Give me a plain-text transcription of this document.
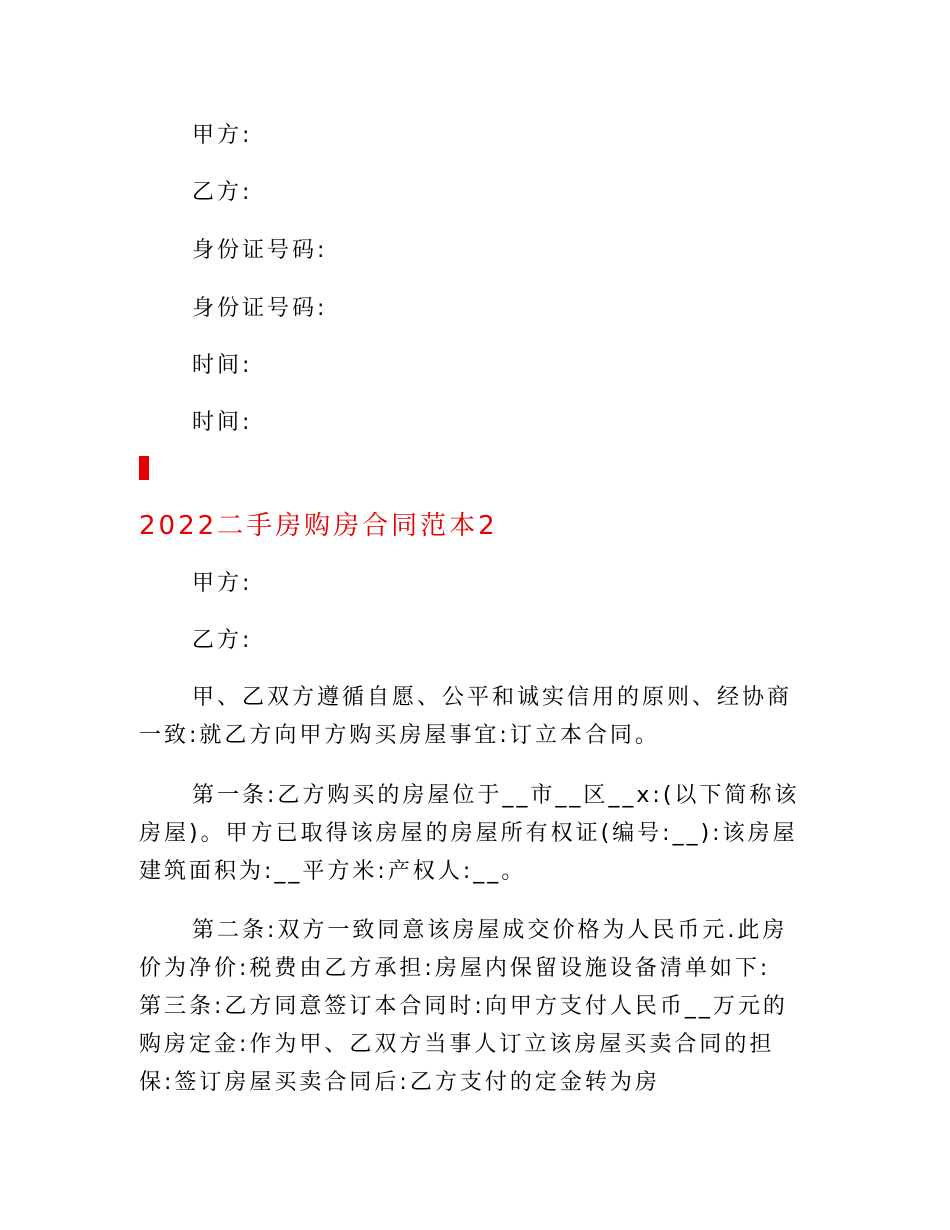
甲方:
乙方:
身份证号码:
身份证号码:
时间:
时间:
2022二手房购房合同范本2
甲方:
乙方:

甲、乙双方遵循自愿、公平和诚实信用的原则、经协商一致:就乙方向甲方购买房屋事宜:订立本合同。

第一条:乙方购买的房屋位于__市__区__x:(以下简称该房屋)。甲方已取得该房屋的房屋所有权证(编号:__):该房屋建筑面积为:__平方米:产权人:__。

第二条:双方一致同意该房屋成交价格为人民币元.此房价为净价:税费由乙方承担:房屋内保留设施设备清单如下:　　 第三条:乙方同意签订本合同时:向甲方支付人民币__万元的购房定金:作为甲、乙双方当事人订立该房屋买卖合同的担保:签订房屋买卖合同后:乙方支付的定金转为房
